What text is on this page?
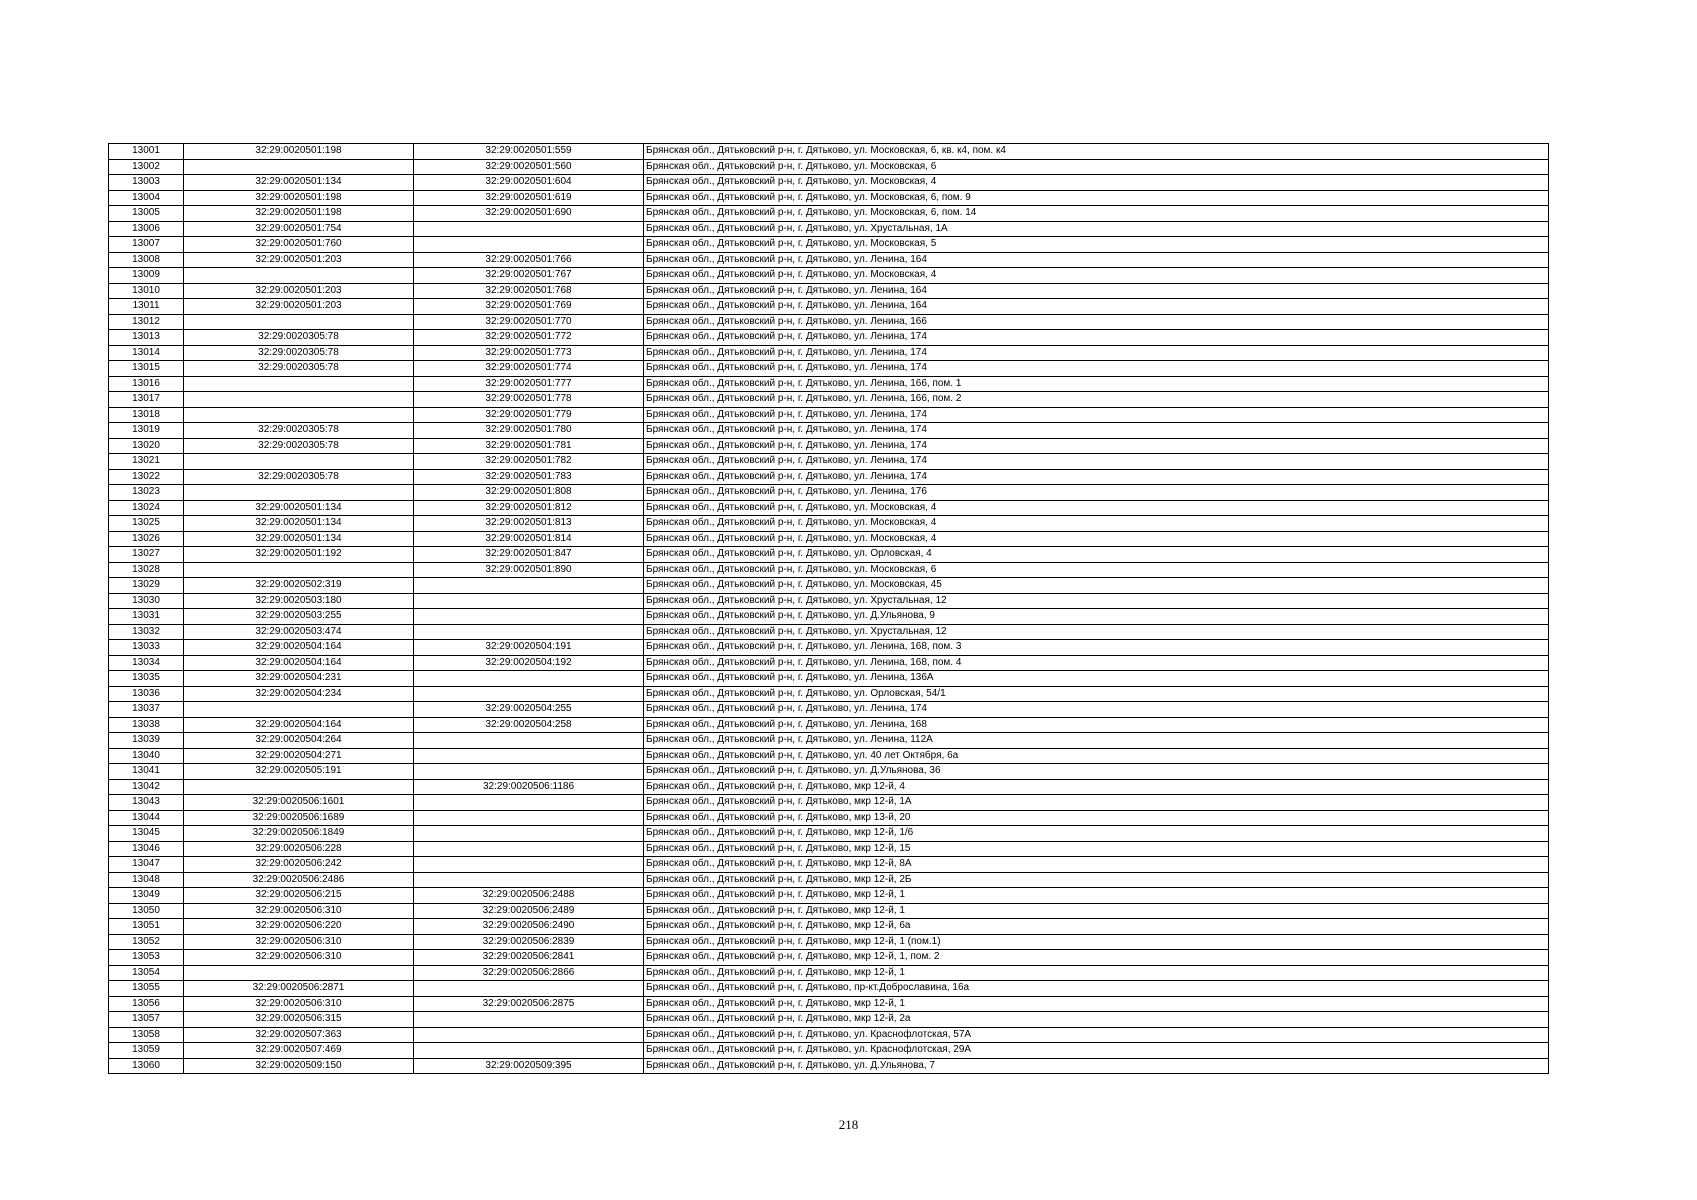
13001	32:29:0020501:198	32:29:0020501:559	Брянская обл., Дятьковский р-н, г. Дятьково, ул. Московская, 6, кв. к4, пом. к4
13002		32:29:0020501:560	Брянская обл., Дятьковский р-н, г. Дятьково, ул. Московская, 6
13003	32:29:0020501:134	32:29:0020501:604	Брянская обл., Дятьковский р-н, г. Дятьково, ул. Московская, 4
13004	32:29:0020501:198	32:29:0020501:619	Брянская обл., Дятьковский р-н, г. Дятьково, ул. Московская, 6, пом. 9
13005	32:29:0020501:198	32:29:0020501:690	Брянская обл., Дятьковский р-н, г. Дятьково, ул. Московская, 6, пом. 14
13006	32:29:0020501:754		Брянская обл., Дятьковский р-н, г. Дятьково, ул. Хрустальная, 1А
13007	32:29:0020501:760		Брянская обл., Дятьковский р-н, г. Дятьково, ул. Московская, 5
13008	32:29:0020501:203	32:29:0020501:766	Брянская обл., Дятьковский р-н, г. Дятьково, ул. Ленина, 164
13009		32:29:0020501:767	Брянская обл., Дятьковский р-н, г. Дятьково, ул. Московская, 4
13010	32:29:0020501:203	32:29:0020501:768	Брянская обл., Дятьковский р-н, г. Дятьково, ул. Ленина, 164
13011	32:29:0020501:203	32:29:0020501:769	Брянская обл., Дятьковский р-н, г. Дятьково, ул. Ленина, 164
13012		32:29:0020501:770	Брянская обл., Дятьковский р-н, г. Дятьково, ул. Ленина, 166
13013	32:29:0020305:78	32:29:0020501:772	Брянская обл., Дятьковский р-н, г. Дятьково, ул. Ленина, 174
13014	32:29:0020305:78	32:29:0020501:773	Брянская обл., Дятьковский р-н, г. Дятьково, ул. Ленина, 174
13015	32:29:0020305:78	32:29:0020501:774	Брянская обл., Дятьковский р-н, г. Дятьково, ул. Ленина, 174
13016		32:29:0020501:777	Брянская обл., Дятьковский р-н, г. Дятьково, ул. Ленина, 166, пом. 1
13017		32:29:0020501:778	Брянская обл., Дятьковский р-н, г. Дятьково, ул. Ленина, 166, пом. 2
13018		32:29:0020501:779	Брянская обл., Дятьковский р-н, г. Дятьково, ул. Ленина, 174
13019	32:29:0020305:78	32:29:0020501:780	Брянская обл., Дятьковский р-н, г. Дятьково, ул. Ленина, 174
13020	32:29:0020305:78	32:29:0020501:781	Брянская обл., Дятьковский р-н, г. Дятьково, ул. Ленина, 174
13021		32:29:0020501:782	Брянская обл., Дятьковский р-н, г. Дятьково, ул. Ленина, 174
13022	32:29:0020305:78	32:29:0020501:783	Брянская обл., Дятьковский р-н, г. Дятьково, ул. Ленина, 174
13023		32:29:0020501:808	Брянская обл., Дятьковский р-н, г. Дятьково, ул. Ленина, 176
13024	32:29:0020501:134	32:29:0020501:812	Брянская обл., Дятьковский р-н, г. Дятьково, ул. Московская, 4
13025	32:29:0020501:134	32:29:0020501:813	Брянская обл., Дятьковский р-н, г. Дятьково, ул. Московская, 4
13026	32:29:0020501:134	32:29:0020501:814	Брянская обл., Дятьковский р-н, г. Дятьково, ул. Московская, 4
13027	32:29:0020501:192	32:29:0020501:847	Брянская обл., Дятьковский р-н, г. Дятьково, ул. Орловская, 4
13028		32:29:0020501:890	Брянская обл., Дятьковский р-н, г. Дятьково, ул. Московская, 6
13029	32:29:0020502:319		Брянская обл., Дятьковский р-н, г. Дятьково, ул. Московская, 45
13030	32:29:0020503:180		Брянская обл., Дятьковский р-н, г. Дятьково, ул. Хрустальная, 12
13031	32:29:0020503:255		Брянская обл., Дятьковский р-н, г. Дятьково, ул. Д.Ульянова, 9
13032	32:29:0020503:474		Брянская обл., Дятьковский р-н, г. Дятьково, ул. Хрустальная, 12
13033	32:29:0020504:164	32:29:0020504:191	Брянская обл., Дятьковский р-н, г. Дятьково, ул. Ленина, 168, пом. 3
13034	32:29:0020504:164	32:29:0020504:192	Брянская обл., Дятьковский р-н, г. Дятьково, ул. Ленина, 168, пом. 4
13035	32:29:0020504:231		Брянская обл., Дятьковский р-н, г. Дятьково, ул. Ленина, 136А
13036	32:29:0020504:234		Брянская обл., Дятьковский р-н, г. Дятьково, ул. Орловская, 54/1
13037		32:29:0020504:255	Брянская обл., Дятьковский р-н, г. Дятьково, ул. Ленина, 174
13038	32:29:0020504:164	32:29:0020504:258	Брянская обл., Дятьковский р-н, г. Дятьково, ул. Ленина, 168
13039	32:29:0020504:264		Брянская обл., Дятьковский р-н, г. Дятьково, ул. Ленина, 112А
13040	32:29:0020504:271		Брянская обл., Дятьковский р-н, г. Дятьково, ул. 40 лет Октября, 6а
13041	32:29:0020505:191		Брянская обл., Дятьковский р-н, г. Дятьково, ул. Д.Ульянова, 36
13042		32:29:0020506:1186	Брянская обл., Дятьковский р-н, г. Дятьково, мкр 12-й, 4
13043	32:29:0020506:1601		Брянская обл., Дятьковский р-н, г. Дятьково, мкр 12-й, 1А
13044	32:29:0020506:1689		Брянская обл., Дятьковский р-н, г. Дятьково, мкр 13-й, 20
13045	32:29:0020506:1849		Брянская обл., Дятьковский р-н, г. Дятьково, мкр 12-й, 1/6
13046	32:29:0020506:228		Брянская обл., Дятьковский р-н, г. Дятьково, мкр 12-й, 15
13047	32:29:0020506:242		Брянская обл., Дятьковский р-н, г. Дятьково, мкр 12-й, 8А
13048	32:29:0020506:2486		Брянская обл., Дятьковский р-н, г. Дятьково, мкр 12-й, 2Б
13049	32:29:0020506:215	32:29:0020506:2488	Брянская обл., Дятьковский р-н, г. Дятьково, мкр 12-й, 1
13050	32:29:0020506:310	32:29:0020506:2489	Брянская обл., Дятьковский р-н, г. Дятьково, мкр 12-й, 1
13051	32:29:0020506:220	32:29:0020506:2490	Брянская обл., Дятьковский р-н, г. Дятьково, мкр 12-й, 6а
13052	32:29:0020506:310	32:29:0020506:2839	Брянская обл., Дятьковский р-н, г. Дятьково, мкр 12-й, 1 (пом.1)
13053	32:29:0020506:310	32:29:0020506:2841	Брянская обл., Дятьковский р-н, г. Дятьково, мкр 12-й, 1, пом. 2
13054		32:29:0020506:2866	Брянская обл., Дятьковский р-н, г. Дятьково, мкр 12-й, 1
13055	32:29:0020506:2871		Брянская обл., Дятьковский р-н, г. Дятьково, пр-кт.Доброславина, 16а
13056	32:29:0020506:310	32:29:0020506:2875	Брянская обл., Дятьковский р-н, г. Дятьково, мкр 12-й, 1
13057	32:29:0020506:315		Брянская обл., Дятьковский р-н, г. Дятьково, мкр 12-й, 2а
13058	32:29:0020507:363		Брянская обл., Дятьковский р-н, г. Дятьково, ул. Краснофлотская, 57А
13059	32:29:0020507:469		Брянская обл., Дятьковский р-н, г. Дятьково, ул. Краснофлотская, 29А
13060	32:29:0020509:150	32:29:0020509:395	Брянская обл., Дятьковский р-н, г. Дятьково, ул. Д.Ульянова, 7
218
